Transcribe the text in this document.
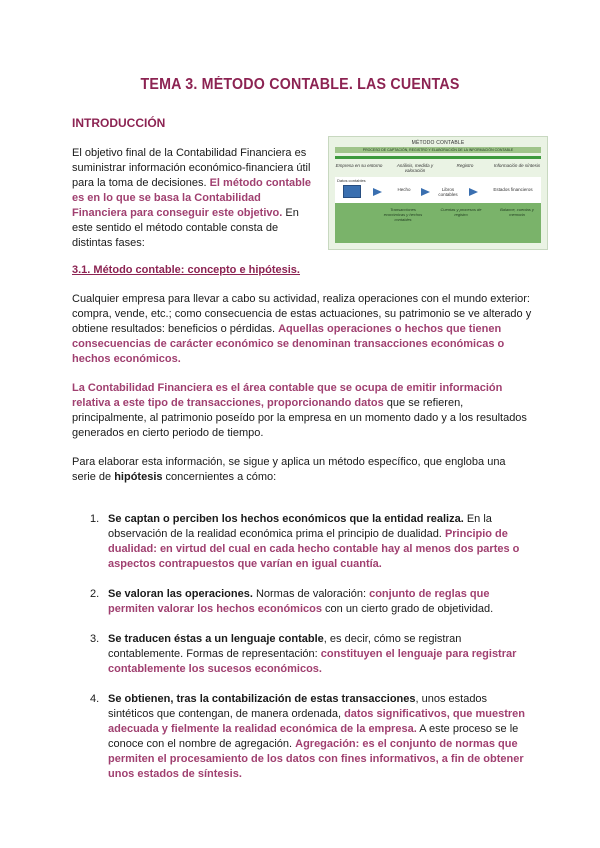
TEMA 3. MÉTODO CONTABLE. LAS CUENTAS
INTRODUCCIÓN
El objetivo final de la Contabilidad Financiera es suministrar información económico-financiera útil para la toma de decisiones. El método contable es en lo que se basa la Contabilidad Financiera para conseguir este objetivo. En este sentido el método contable consta de distintas fases:
MÉTODO CONTABLE
PROCESO DE CAPTACIÓN, REGISTRO Y ELABORACIÓN DE LA INFORMACIÓN CONTABLE
Empresa en su entorno	Análisis, medida y valoración
Registro	Información de síntesis
Datos contables
Hecho	Libros contables
Estados financieros
Transacciones económicas y hechos contables
Cuentas y procesos de registro
Balance, cuentas y memoria
3.1. Método contable: concepto e hipótesis.
Cualquier empresa para llevar a cabo su actividad, realiza operaciones con el mundo exterior: compra, vende, etc.; como consecuencia de estas actuaciones, su patrimonio se ve alterado y obtiene resultados: beneficios o pérdidas. Aquellas operaciones o hechos que tienen consecuencias de carácter económico se denominan transacciones económicas o hechos económicos.
La Contabilidad Financiera es el área contable que se ocupa de emitir información relativa a este tipo de transacciones, proporcionando datos que se refieren, principalmente, al patrimonio poseído por la empresa en un momento dado y a los resultados generados en cierto periodo de tiempo.
Para elaborar esta información, se sigue y aplica un método específico, que engloba una serie de hipótesis concernientes a cómo:
1. Se captan o perciben los hechos económicos que la entidad realiza. En la observación de la realidad económica prima el principio de dualidad. Principio de dualidad: en virtud del cual en cada hecho contable hay al menos dos partes o aspectos contrapuestos que varían en igual cuantía.
2. Se valoran las operaciones. Normas de valoración: conjunto de reglas que permiten valorar los hechos económicos con un cierto grado de objetividad.
3. Se traducen éstas a un lenguaje contable, es decir, cómo se registran contablemente. Formas de representación: constituyen el lenguaje para registrar contablemente los sucesos económicos.
4. Se obtienen, tras la contabilización de estas transacciones, unos estados sintéticos que contengan, de manera ordenada, datos significativos, que muestren adecuada y fielmente la realidad económica de la empresa. A este proceso se le conoce con el nombre de agregación. Agregación: es el conjunto de normas que permiten el procesamiento de los datos con fines informativos, a fin de obtener unos estados de síntesis.
